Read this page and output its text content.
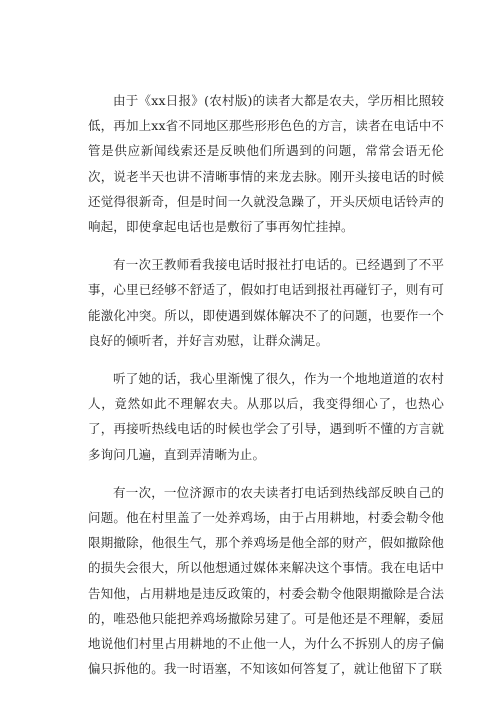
由于《xx日报》(农村版)的读者大都是农夫，学历相比照较低，再加上xx省不同地区那些形形色色的方言，读者在电话中不管是供应新闻线索还是反映他们所遇到的问题，常常会语无伦次，说老半天也讲不清晰事情的来龙去脉。刚开头接电话的时候还觉得很新奇，但是时间一久就没急躁了，开头厌烦电话铃声的响起，即使拿起电话也是敷衍了事再匆忙挂掉。

有一次王教师看我接电话时报社打电话的。已经遇到了不平事，心里已经够不舒适了，假如打电话到报社再碰钉子，则有可能激化冲突。所以，即使遇到媒体解决不了的问题，也要作一个良好的倾听者，并好言劝慰，让群众满足。

听了她的话，我心里渐愧了很久，作为一个地地道道的农村人，竟然如此不理解农夫。从那以后，我变得细心了，也热心了，再接听热线电话的时候也学会了引导，遇到听不懂的方言就多询问几遍，直到弄清晰为止。

有一次，一位济源市的农夫读者打电话到热线部反映自己的问题。他在村里盖了一处养鸡场，由于占用耕地，村委会勒令他限期撤除，他很生气，那个养鸡场是他全部的财产，假如撤除他的损失会很大，所以他想通过媒体来解决这个事情。我在电话中告知他，占用耕地是违反政策的，村委会勒令他限期撤除是合法的，唯恐他只能把养鸡场撤除另建了。可是他还是不理解，委屈地说他们村里占用耕地的不止他一人，为什么不拆别人的房子偏偏只拆他的。我一时语塞，不知该如何答复了，就让他留下了联
